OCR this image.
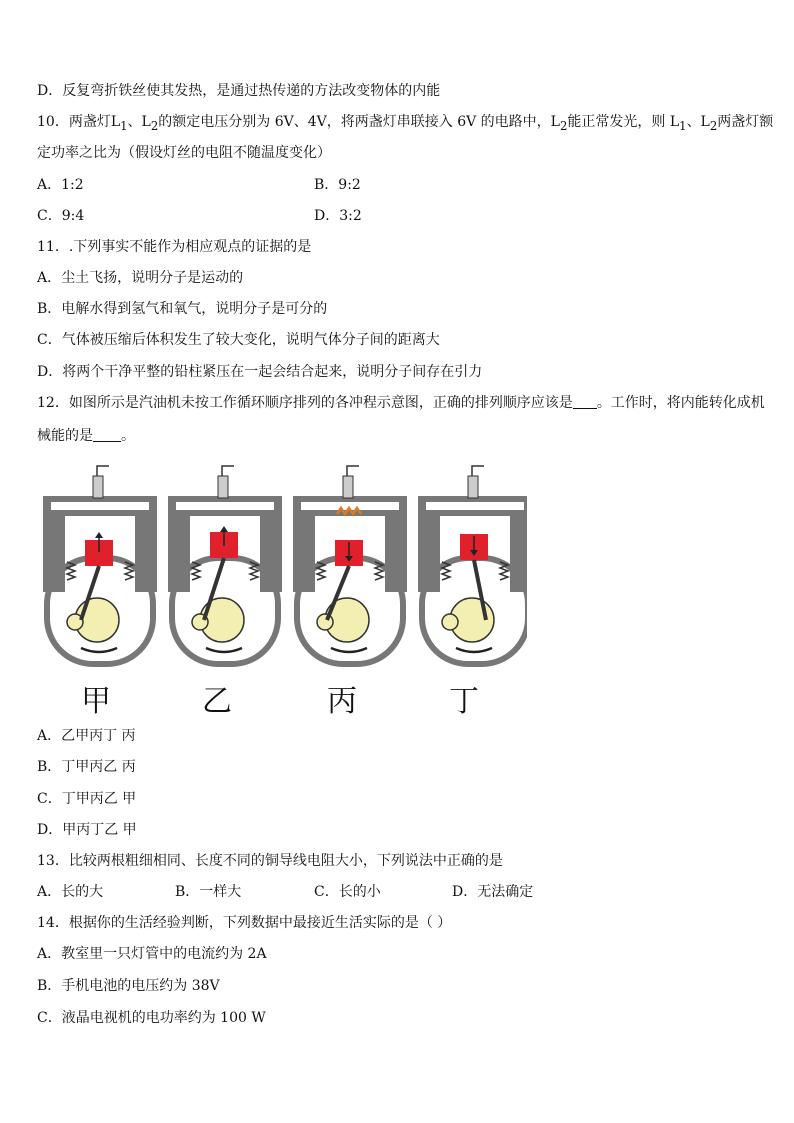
D．反复弯折铁丝使其发热，是通过热传递的方法改变物体的内能
10．两盏灯$L_1$、$L_2$的额定电压分别为 6V、4V，将两盏灯串联接入 6V 的电路中，$L_2$能正常发光，则 $L_1$、$L_2$两盏灯额
定功率之比为（假设灯丝的电阻不随温度变化）
A．1:2	B．9:2
C．9:4	D．3:2
11．.下列事实不能作为相应观点的证据的是
A．尘土飞扬，说明分子是运动的
B．电解水得到氢气和氧气，说明分子是可分的
C．气体被压缩后体积发生了较大变化，说明气体分子间的距离大
D．将两个干净平整的铅柱紧压在一起会结合起来，说明分子间存在引力
12．如图所示是汽油机未按工作循环顺序排列的各冲程示意图，正确的排列顺序应该是 。工作时，将内能转化成机
械能的是 。
甲	乙	丙	丁
A．乙甲丙丁 丙
B．丁甲丙乙 丙
C．丁甲丙乙 甲
D．甲丙丁乙 甲
13．比较两根粗细相同、长度不同的铜导线电阻大小，下列说法中正确的是
A．长的大	B．一样大	C．长的小	D．无法确定
14．根据你的生活经验判断，下列数据中最接近生活实际的是（ ）
A．教室里一只灯管中的电流约为 2A
B．手机电池的电压约为 38V
C．液晶电视机的电功率约为 100 W
